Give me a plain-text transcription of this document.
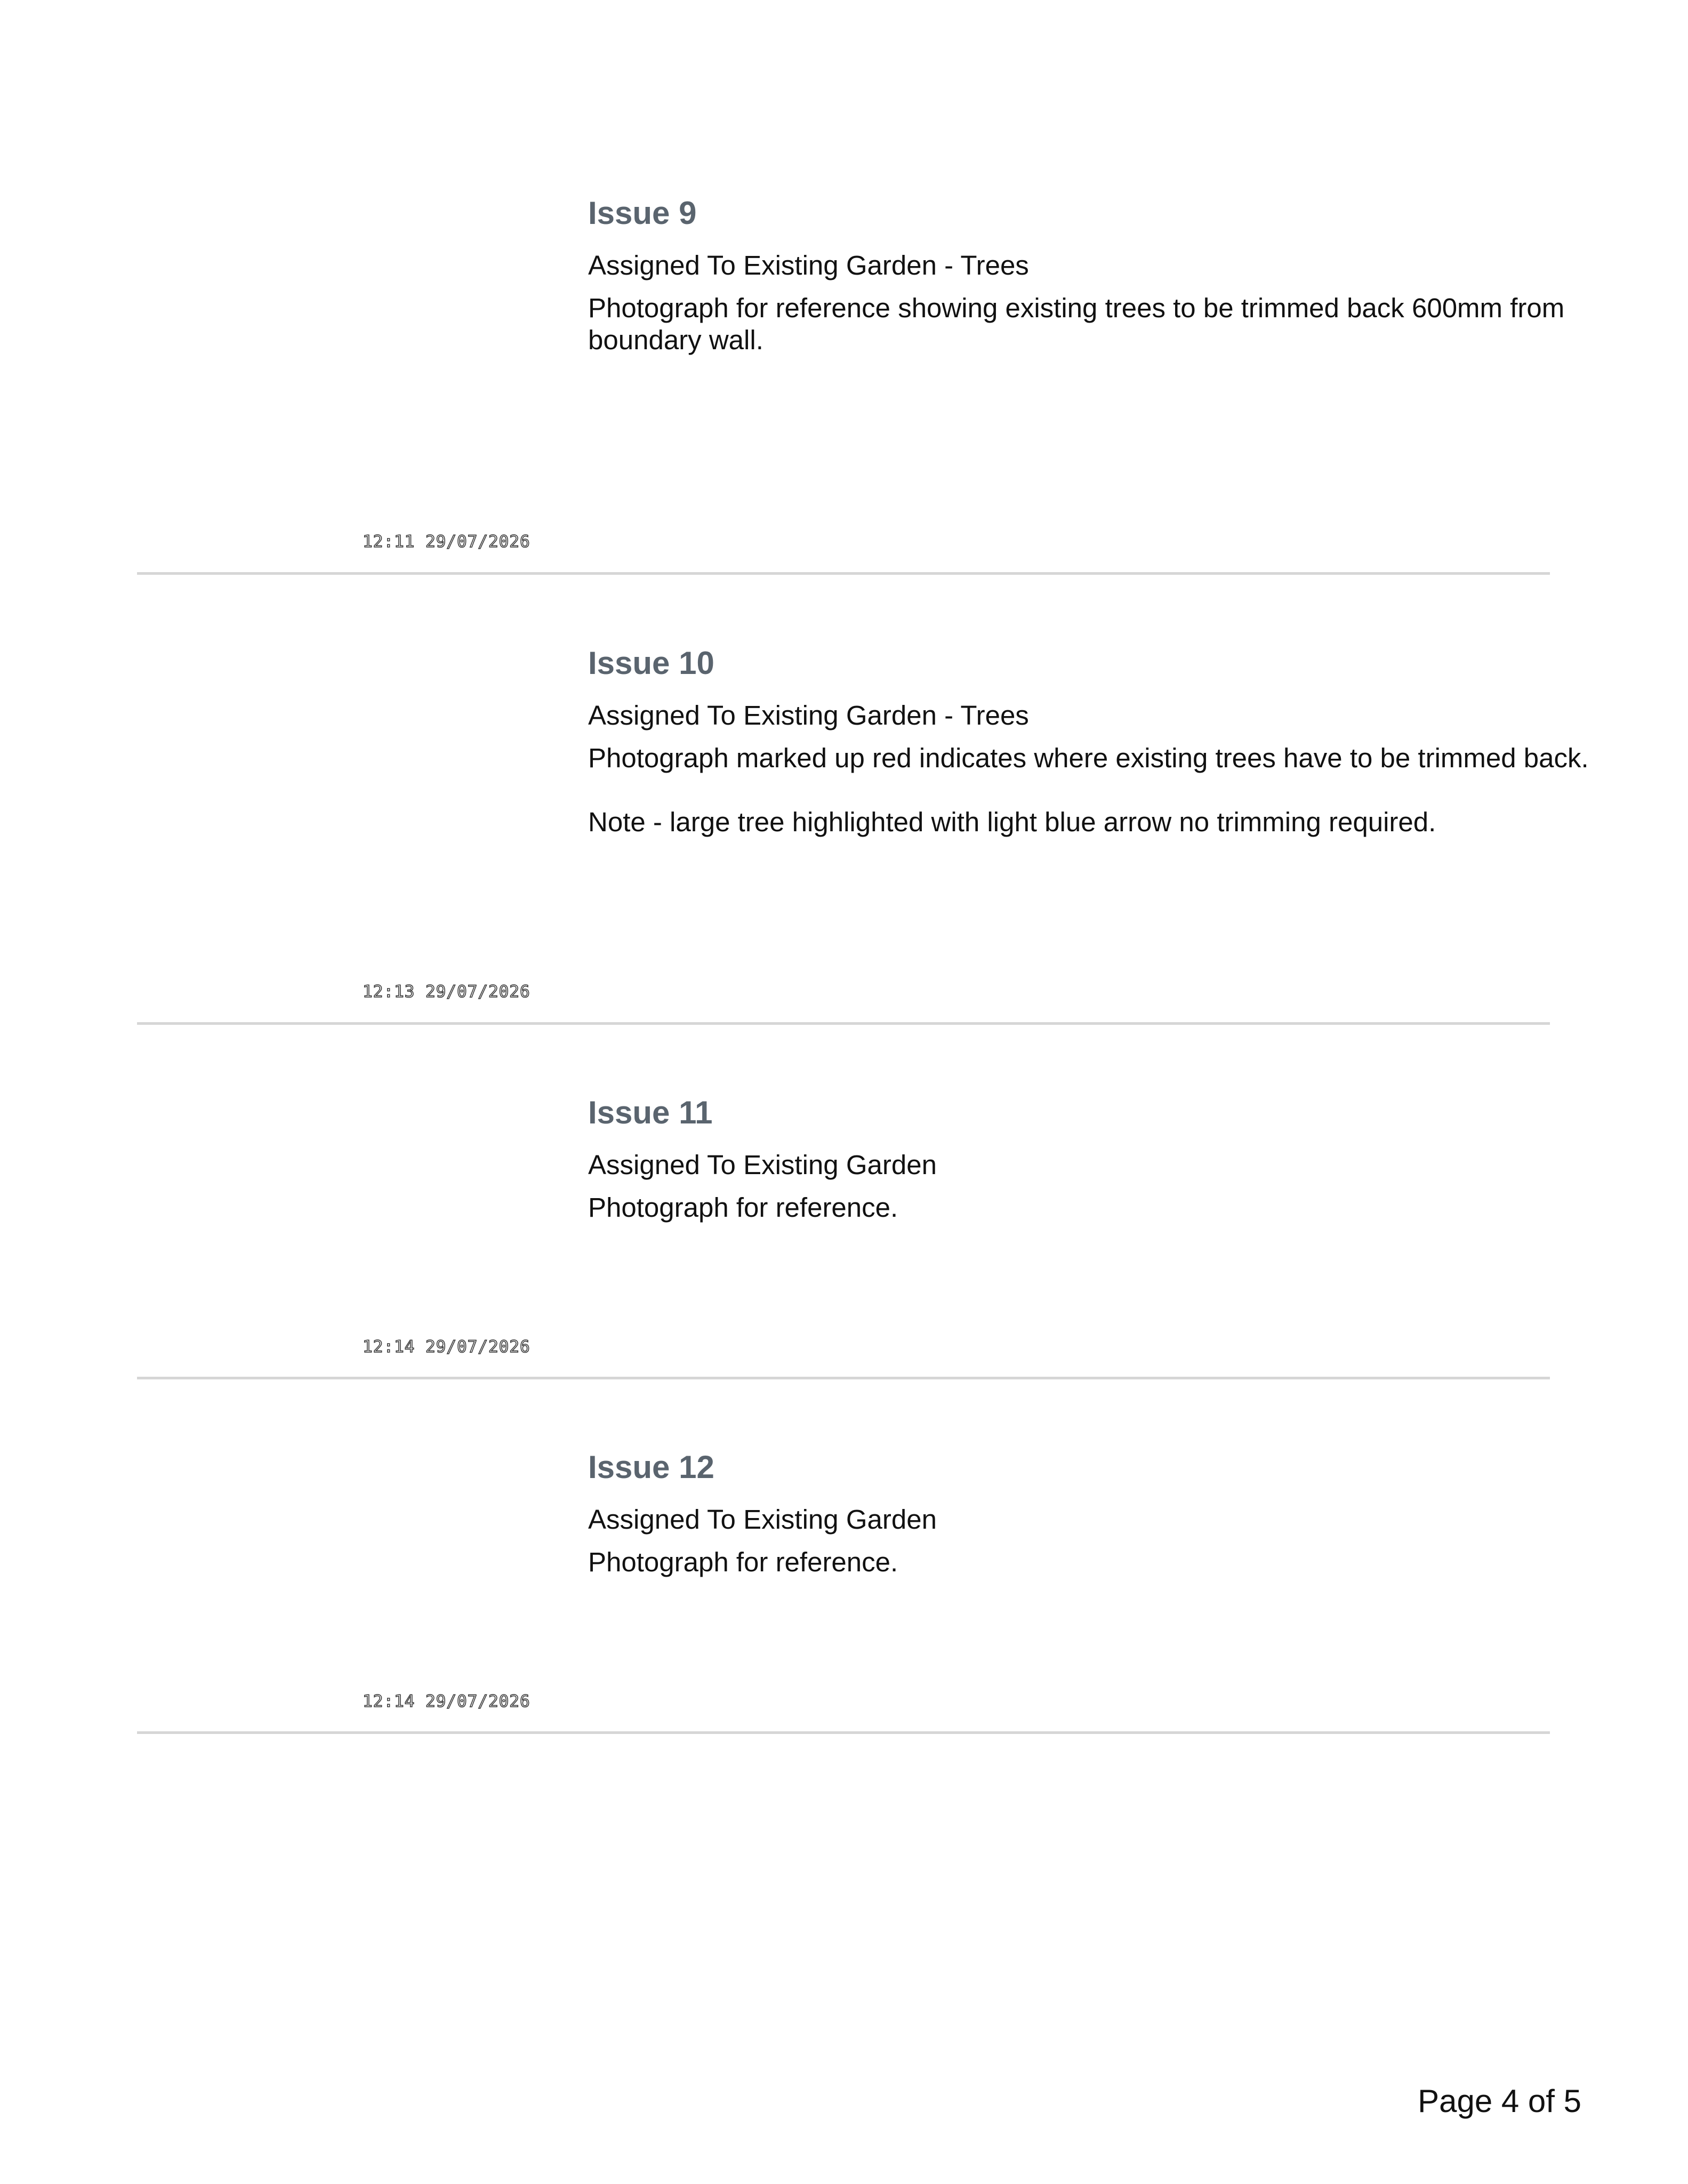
Issue 9

Assigned To Existing Garden - Trees

Photograph for reference showing existing trees to be trimmed back 600mm from boundary wall.

12:11 29/07/2026

Issue 10

Assigned To Existing Garden - Trees

Photograph marked up red indicates where existing trees have to be trimmed back.

Note - large tree highlighted with light blue arrow no trimming required.

12:13 29/07/2026

Issue 11

Assigned To Existing Garden

Photograph for reference.

12:14 29/07/2026

Issue 12

Assigned To Existing Garden

Photograph for reference.

12:14 29/07/2026

Page 4 of 5
